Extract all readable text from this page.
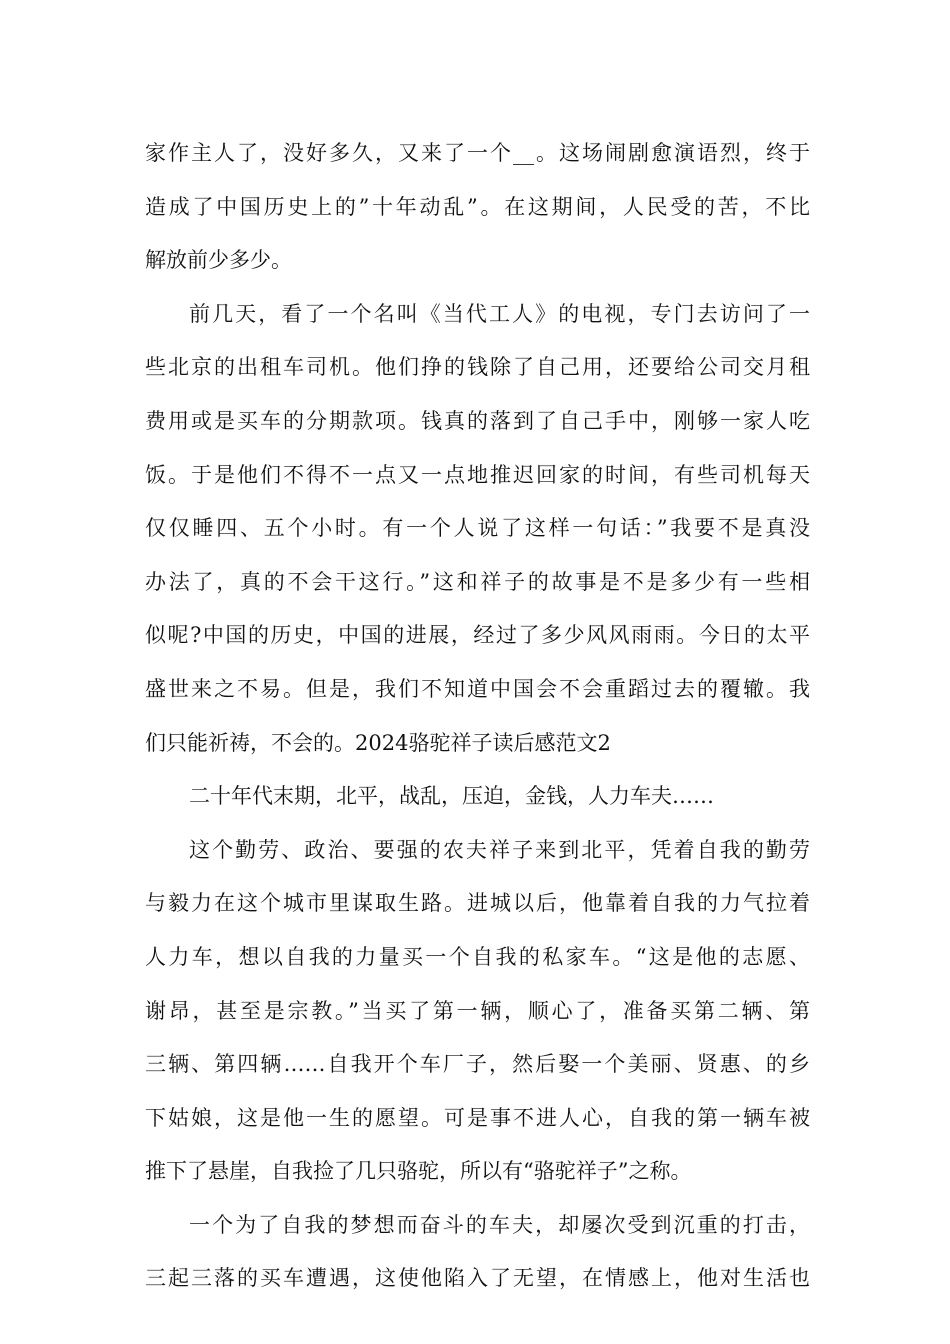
家作主人了，没好多久，又来了一个__。这场闹剧愈演语烈，终于
造成了中国历史上的”十年动乱”。在这期间，人民受的苦，不比
解放前少多少。
前几天，看了一个名叫《当代工人》的电视，专门去访问了一
些北京的出租车司机。他们挣的钱除了自己用，还要给公司交月租
费用或是买车的分期款项。钱真的落到了自己手中，刚够一家人吃
饭。于是他们不得不一点又一点地推迟回家的时间，有些司机每天
仅仅睡四、五个小时。有一个人说了这样一句话：”我要不是真没
办法了，真的不会干这行。”这和祥子的故事是不是多少有一些相
似呢?中国的历史，中国的进展，经过了多少风风雨雨。今日的太平
盛世来之不易。但是，我们不知道中国会不会重蹈过去的覆辙。我
们只能祈祷，不会的。2024骆驼祥子读后感范文2
二十年代末期，北平，战乱，压迫，金钱，人力车夫……
这个勤劳、政治、要强的农夫祥子来到北平，凭着自我的勤劳
与毅力在这个城市里谋取生路。进城以后，他靠着自我的力气拉着
人力车，想以自我的力量买一个自我的私家车。“这是他的志愿、
谢昂，甚至是宗教。”当买了第一辆，顺心了，准备买第二辆、第
三辆、第四辆……自我开个车厂子，然后娶一个美丽、贤惠、的乡
下姑娘，这是他一生的愿望。可是事不进人心，自我的第一辆车被
推下了悬崖，自我捡了几只骆驼，所以有“骆驼祥子”之称。
一个为了自我的梦想而奋斗的车夫，却屡次受到沉重的打击，
三起三落的买车遭遇，这使他陷入了无望，在情感上，他对生活也
